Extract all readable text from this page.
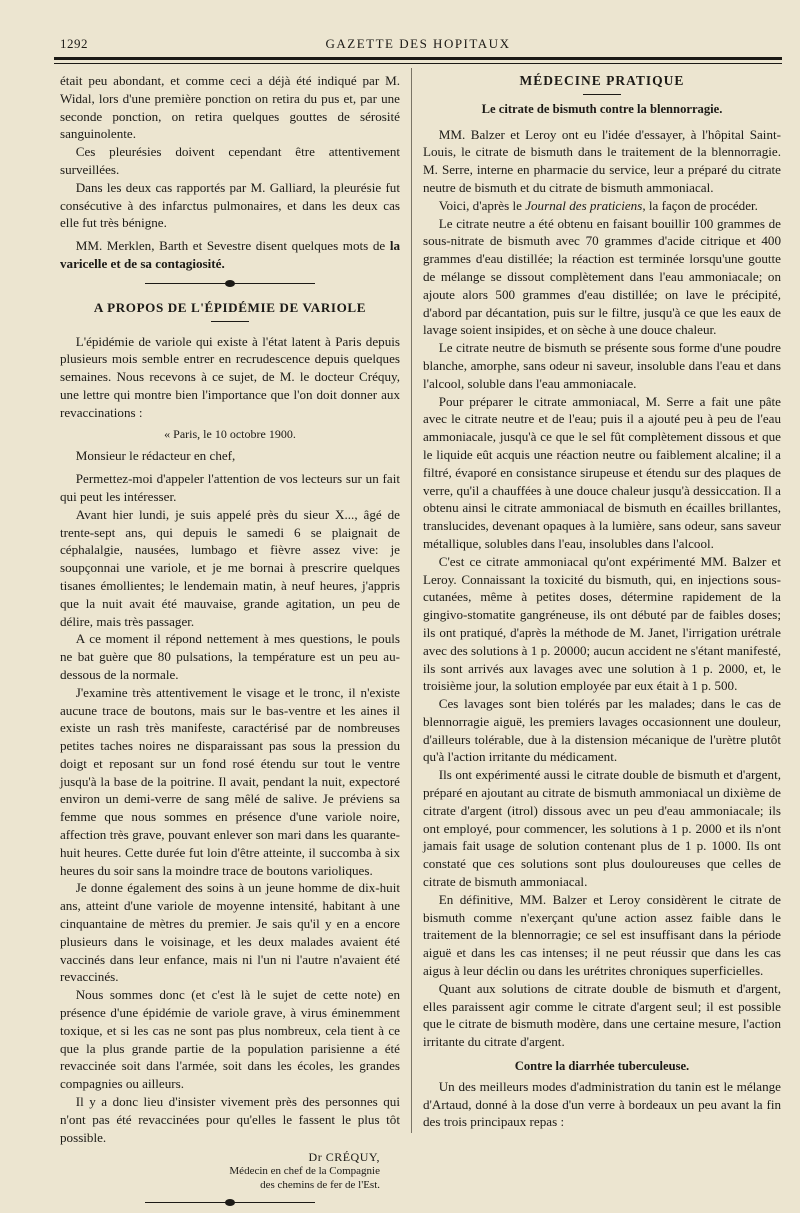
1292	GAZETTE DES HOPITAUX

était peu abondant, et comme ceci a déjà été indiqué par M. Widal, lors d'une première ponction on retira du pus et, par une seconde ponction, on retira quelques gouttes de sérosité sanguinolente.

Ces pleurésies doivent cependant être attentivement surveillées.

Dans les deux cas rapportés par M. Galliard, la pleurésie fut consécutive à des infarctus pulmonaires, et dans les deux cas elle fut très bénigne.

MM. Merklen, Barth et Sevestre disent quelques mots de la varicelle et de sa contagiosité.

A PROPOS DE L'ÉPIDÉMIE DE VARIOLE

L'épidémie de variole qui existe à l'état latent à Paris depuis plusieurs mois semble entrer en recrudescence depuis quelques semaines. Nous recevons à ce sujet, de M. le docteur Créquy, une lettre qui montre bien l'importance que l'on doit donner aux revaccinations :

« Paris, le 10 octobre 1900.

Monsieur le rédacteur en chef,

Permettez-moi d'appeler l'attention de vos lecteurs sur un fait qui peut les intéresser.

Avant hier lundi, je suis appelé près du sieur X..., âgé de trente-sept ans, qui depuis le samedi 6 se plaignait de céphalalgie, nausées, lumbago et fièvre assez vive: je soupçonnai une variole, et je me bornai à prescrire quelques tisanes émollientes; le lendemain matin, à neuf heures, j'appris que la nuit avait été mauvaise, grande agitation, un peu de délire, mais très passager.

A ce moment il répond nettement à mes questions, le pouls ne bat guère que 80 pulsations, la température est un peu au-dessous de la normale.

J'examine très attentivement le visage et le tronc, il n'existe aucune trace de boutons, mais sur le bas-ventre et les aines il existe un rash très manifeste, caractérisé par de nombreuses petites taches noires ne disparaissant pas sous la pression du doigt et reposant sur un fond rosé étendu sur tout le ventre jusqu'à la base de la poitrine. Il avait, pendant la nuit, expectoré environ un demi-verre de sang mêlé de salive. Je préviens sa femme que nous sommes en présence d'une variole noire, affection très grave, pouvant enlever son mari dans les quarante-huit heures. Cette durée fut loin d'être atteinte, il succomba à six heures du soir sans la moindre trace de boutons varioliques.

Je donne également des soins à un jeune homme de dix-huit ans, atteint d'une variole de moyenne intensité, habitant à une cinquantaine de mètres du premier. Je sais qu'il y en a encore plusieurs dans le voisinage, et les deux malades avaient été vaccinés dans leur enfance, mais ni l'un ni l'autre n'avaient été revaccinés.

Nous sommes donc (et c'est là le sujet de cette note) en présence d'une épidémie de variole grave, à virus éminemment toxique, et si les cas ne sont pas plus nombreux, cela tient à ce que la plus grande partie de la population parisienne a été revaccinée soit dans l'armée, soit dans les écoles, les grandes compagnies ou ailleurs.

Il y a donc lieu d'insister vivement près des personnes qui n'ont pas été revaccinées pour qu'elles le fassent le plus tôt possible.

Dr CRÉQUY,
Médecin en chef de la Compagnie
des chemins de fer de l'Est.

MÉDECINE PRATIQUE

Le citrate de bismuth contre la blennorragie.

MM. Balzer et Leroy ont eu l'idée d'essayer, à l'hôpital Saint-Louis, le citrate de bismuth dans le traitement de la blennorragie. M. Serre, interne en pharmacie du service, leur a préparé du citrate neutre de bismuth et du citrate de bismuth ammoniacal.

Voici, d'après le Journal des praticiens, la façon de procéder.

Le citrate neutre a été obtenu en faisant bouillir 100 grammes de sous-nitrate de bismuth avec 70 grammes d'acide citrique et 400 grammes d'eau distillée; la réaction est terminée lorsqu'une goutte de mélange se dissout complètement dans l'eau ammoniacale; on ajoute alors 500 grammes d'eau distillée; on lave le précipité, d'abord par décantation, puis sur le filtre, jusqu'à ce que les eaux de lavage soient insipides, et on sèche à une douce chaleur.

Le citrate neutre de bismuth se présente sous forme d'une poudre blanche, amorphe, sans odeur ni saveur, insoluble dans l'eau et dans l'alcool, soluble dans l'eau ammoniacale.

Pour préparer le citrate ammoniacal, M. Serre a fait une pâte avec le citrate neutre et de l'eau; puis il a ajouté peu à peu de l'eau ammoniacale, jusqu'à ce que le sel fût complètement dissous et que le liquide eût acquis une réaction neutre ou faiblement alcaline; il a filtré, évaporé en consistance sirupeuse et étendu sur des plaques de verre, qu'il a chauffées à une douce chaleur jusqu'à dessiccation. Il a obtenu ainsi le citrate ammoniacal de bismuth en écailles brillantes, translucides, devenant opaques à la lumière, sans odeur, sans saveur métallique, solubles dans l'eau, insolubles dans l'alcool.

C'est ce citrate ammoniacal qu'ont expérimenté MM. Balzer et Leroy. Connaissant la toxicité du bismuth, qui, en injections sous-cutanées, même à petites doses, détermine rapidement de la gingivo-stomatite gangréneuse, ils ont débuté par de faibles doses; ils ont pratiqué, d'après la méthode de M. Janet, l'irrigation urétrale avec des solutions à 1 p. 20000; aucun accident ne s'étant manifesté, ils sont arrivés aux lavages avec une solution à 1 p. 2000, et, le troisième jour, la solution employée par eux était à 1 p. 500.

Ces lavages sont bien tolérés par les malades; dans le cas de blennorragie aiguë, les premiers lavages occasionnent une douleur, d'ailleurs tolérable, due à la distension mécanique de l'urètre plutôt qu'à l'action irritante du médicament.

Ils ont expérimenté aussi le citrate double de bismuth et d'argent, préparé en ajoutant au citrate de bismuth ammoniacal un dixième de citrate d'argent (itrol) dissous avec un peu d'eau ammoniacale; ils ont employé, pour commencer, les solutions à 1 p. 2000 et ils n'ont jamais fait usage de solution contenant plus de 1 p. 1000. Ils ont constaté que ces solutions sont plus douloureuses que celles de citrate de bismuth ammoniacal.

En définitive, MM. Balzer et Leroy considèrent le citrate de bismuth comme n'exerçant qu'une action assez faible dans le traitement de la blennorragie; ce sel est insuffisant dans la période aiguë et dans les cas intenses; il ne peut réussir que dans les cas aigus à leur déclin ou dans les urétrites chroniques superficielles.

Quant aux solutions de citrate double de bismuth et d'argent, elles paraissent agir comme le citrate d'argent seul; il est possible que le citrate de bismuth modère, dans une certaine mesure, l'action irritante du citrate d'argent.

Contre la diarrhée tuberculeuse.

Un des meilleurs modes d'administration du tanin est le mélange d'Artaud, donné à la dose d'un verre à bordeaux un peu avant la fin des trois principaux repas :
